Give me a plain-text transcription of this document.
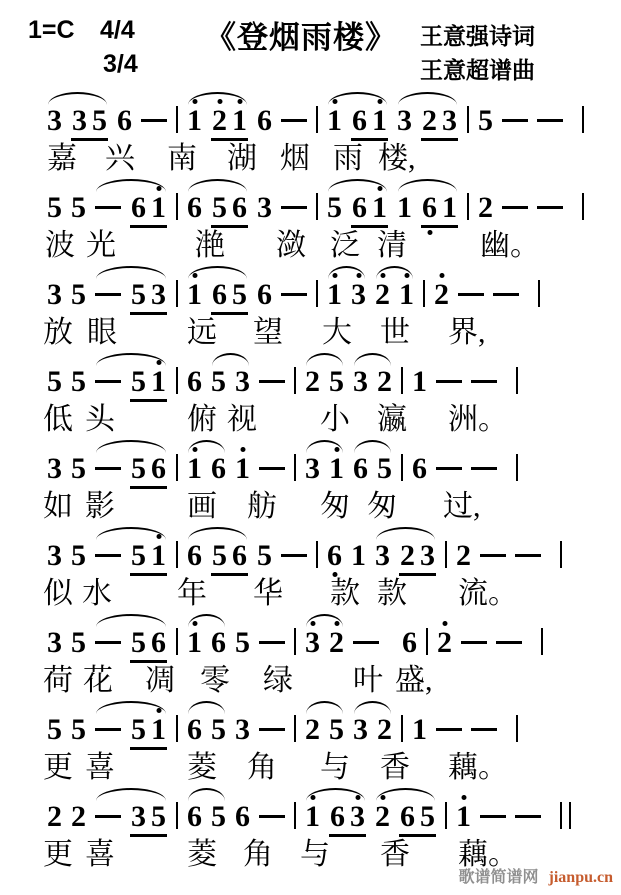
1=C 4/4
3/4
《登烟雨楼》 王意强诗词
王意超谱曲
3 3 5 6 1 2 1 6 1 6 1 3 2 3 5
嘉 兴 南 湖 烟 雨 楼,
5 5 6 1 6 5 6 3 5 6 1 1 6 1 2
波 光	滟 潋 泛 清 幽。
3 5 5 3 1 6 5 6 1 3 2 1 2
放 眼 远 望 大 世 界,
5 5 5 1 6 5 3 2 5 3 2 1
低 头 俯 视 小 瀛 洲。
3 5 5 6 1 6 1 3 1 6 5 6
如 影 画 舫 匆 匆 过,
3 5 5 1 6 5 6 5 6 1 3 2 3 2
似 水 年 华 款 款 流。
3 5 5 6 1 6 5 3 2 6 2
荷 花 凋 零 绿 叶 盛,
5 5 5 1 6 5 3 2 5 3 2 1
更 喜 菱 角 与 香 藕。
2 2 3 5 6 5 6 1 6 3 2 6 5 1
更 喜 菱 角 与 香 藕。
歌谱简谱网 jianpu.cn
